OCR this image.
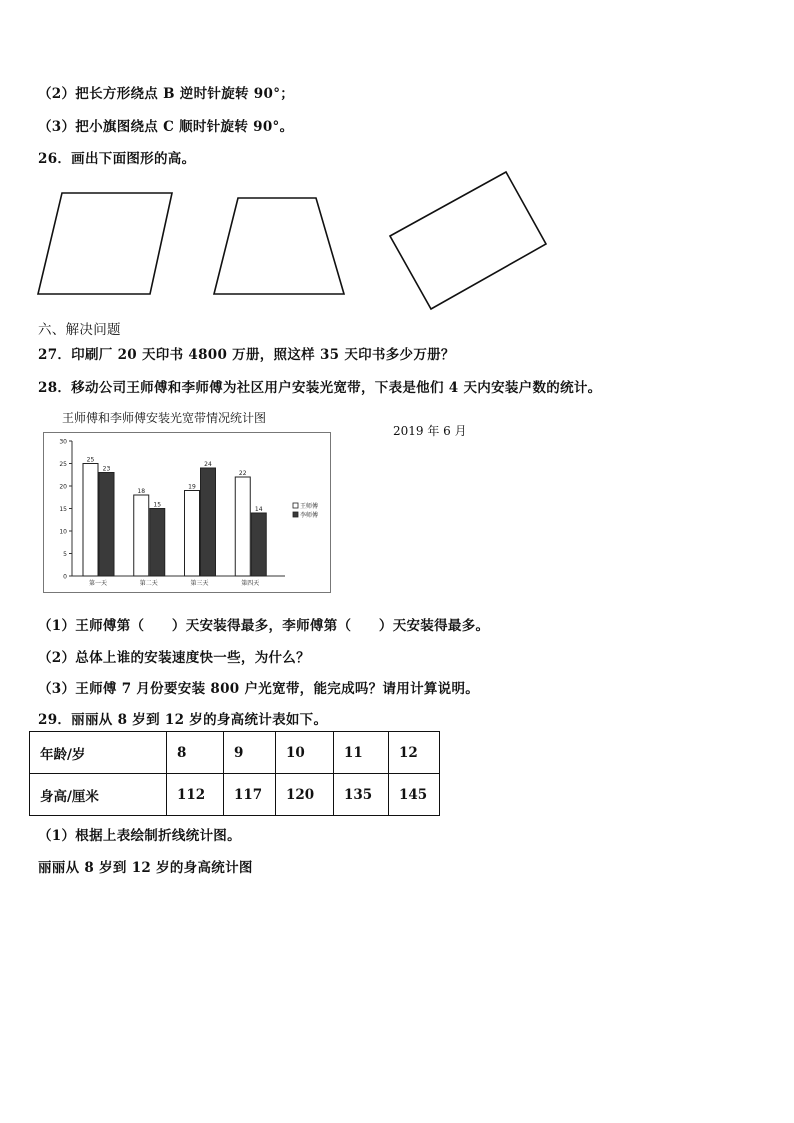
（2）把长方形绕点 B 逆时针旋转 90°；
（3）把小旗图绕点 C 顺时针旋转 90°。
26．画出下面图形的高。
六、解决问题
27．印刷厂 20 天印书 4800 万册，照这样 35 天印书多少万册？
28．移动公司王师傅和李师傅为社区用户安装光宽带，下表是他们 4 天内安装户数的统计。
王师傅和李师傅安装光宽带情况统计图
2019 年 6 月
0
5
10
15
20
25
30
25
23
第一天
18
15
第二天
19
24
第三天
22
14
第四天
王师傅
李师傅
（1）王师傅第（　　）天安装得最多，李师傅第（　　）天安装得最多。
（2）总体上谁的安装速度快一些，为什么？
（3）王师傅 7 月份要安装 800 户光宽带，能完成吗？请用计算说明。
29．丽丽从 8 岁到 12 岁的身高统计表如下。
年龄/岁	8	9	10	11	12
身高/厘米	112	117	120	135	145
（1）根据上表绘制折线统计图。
丽丽从 8 岁到 12 岁的身高统计图
